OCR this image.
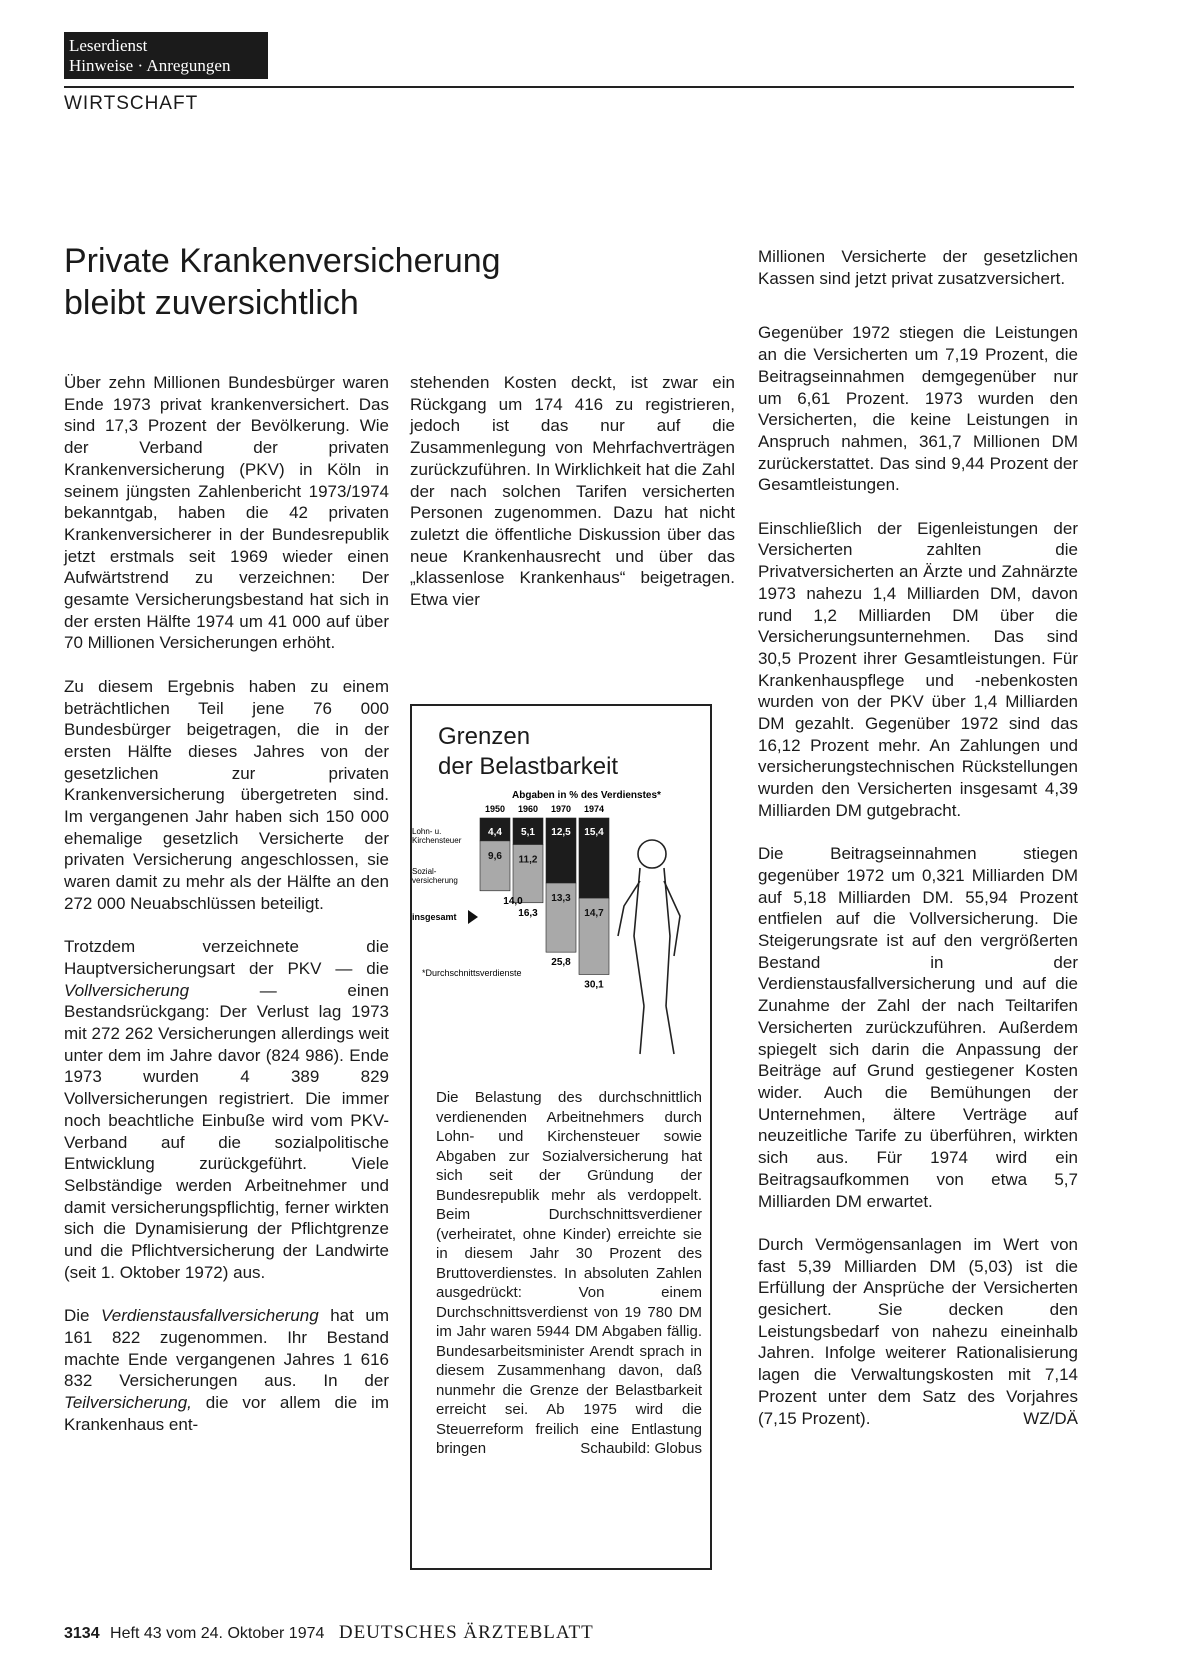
Leserdienst
Hinweise · Anregungen
WIRTSCHAFT
Private Krankenversicherung
bleibt zuversichtlich

Über zehn Millionen Bundesbürger waren Ende 1973 privat krankenversichert. Das sind 17,3 Prozent der Bevölkerung. Wie der Verband der privaten Krankenversicherung (PKV) in Köln in seinem jüngsten Zahlenbericht 1973/1974 bekanntgab, haben die 42 privaten Krankenversicherer in der Bundesrepublik jetzt erstmals seit 1969 wieder einen Aufwärtstrend zu verzeichnen: Der gesamte Versicherungsbestand hat sich in der ersten Hälfte 1974 um 41 000 auf über 70 Millionen Versicherungen erhöht.

Zu diesem Ergebnis haben zu einem beträchtlichen Teil jene 76 000 Bundesbürger beigetragen, die in der ersten Hälfte dieses Jahres von der gesetzlichen zur privaten Krankenversicherung übergetreten sind. Im vergangenen Jahr haben sich 150 000 ehemalige gesetzlich Versicherte der privaten Versicherung angeschlossen, sie waren damit zu mehr als der Hälfte an den 272 000 Neuabschlüssen beteiligt.

Trotzdem verzeichnete die Hauptversicherungsart der PKV — die Vollversicherung — einen Bestandsrückgang: Der Verlust lag 1973 mit 272 262 Versicherungen allerdings weit unter dem im Jahre davor (824 986). Ende 1973 wurden 4 389 829 Vollversicherungen registriert. Die immer noch beachtliche Einbuße wird vom PKV-Verband auf die sozialpolitische Entwicklung zurückgeführt. Viele Selbständige werden Arbeitnehmer und damit versicherungspflichtig, ferner wirkten sich die Dynamisierung der Pflichtgrenze und die Pflichtversicherung der Landwirte (seit 1. Oktober 1972) aus.

Die Verdienstausfallversicherung hat um 161 822 zugenommen. Ihr Bestand machte Ende vergangenen Jahres 1 616 832 Versicherungen aus. In der Teilversicherung, die vor allem die im Krankenhaus ent-

stehenden Kosten deckt, ist zwar ein Rückgang um 174 416 zu registrieren, jedoch ist das nur auf die Zusammenlegung von Mehrfachverträgen zurückzuführen. In Wirklichkeit hat die Zahl der nach solchen Tarifen versicherten Personen zugenommen. Dazu hat nicht zuletzt die öffentliche Diskussion über das neue Krankenhausrecht und über das „klassenlose Krankenhaus“ beigetragen. Etwa vier

Grenzen
der Belastbarkeit
Abgaben in % des Verdienstes*
1950 1960 1970 1974
Lohn- u.
Kirchensteuer
Sozial-
versicherung
insgesamt
4,4
9,6
5,1
11,2
12,5
13,3
15,4
14,7
14,0
16,3
25,8
30,1
*Durchschnittsverdienste
Die Belastung des durchschnittlich verdienenden Arbeitnehmers durch Lohn- und Kirchensteuer sowie Abgaben zur Sozialversicherung hat sich seit der Gründung der Bundesrepublik mehr als verdoppelt. Beim Durchschnittsverdiener (verheiratet, ohne Kinder) erreichte sie in diesem Jahr 30 Prozent des Bruttoverdienstes. In absoluten Zahlen ausgedrückt: Von einem Durchschnittsverdienst von 19 780 DM im Jahr waren 5944 DM Abgaben fällig. Bundesarbeitsminister Arendt sprach in diesem Zusammenhang davon, daß nunmehr die Grenze der Belastbarkeit erreicht sei. Ab 1975 wird die Steuerreform freilich eine Entlastung bringen	Schaubild: Globus

Millionen Versicherte der gesetzlichen Kassen sind jetzt privat zusatzversichert.

Gegenüber 1972 stiegen die Leistungen an die Versicherten um 7,19 Prozent, die Beitragseinnahmen demgegenüber nur um 6,61 Prozent. 1973 wurden den Versicherten, die keine Leistungen in Anspruch nahmen, 361,7 Millionen DM zurückerstattet. Das sind 9,44 Prozent der Gesamtleistungen.

Einschließlich der Eigenleistungen der Versicherten zahlten die Privatversicherten an Ärzte und Zahnärzte 1973 nahezu 1,4 Milliarden DM, davon rund 1,2 Milliarden DM über die Versicherungsunternehmen. Das sind 30,5 Prozent ihrer Gesamtleistungen. Für Krankenhauspflege und -nebenkosten wurden von der PKV über 1,4 Milliarden DM gezahlt. Gegenüber 1972 sind das 16,12 Prozent mehr. An Zahlungen und versicherungstechnischen Rückstellungen wurden den Versicherten insgesamt 4,39 Milliarden DM gutgebracht.

Die Beitragseinnahmen stiegen gegenüber 1972 um 0,321 Milliarden DM auf 5,18 Milliarden DM. 55,94 Prozent entfielen auf die Vollversicherung. Die Steigerungsrate ist auf den vergrößerten Bestand in der Verdienstausfallversicherung und auf die Zunahme der Zahl der nach Teiltarifen Versicherten zurückzuführen. Außerdem spiegelt sich darin die Anpassung der Beiträge auf Grund gestiegener Kosten wider. Auch die Bemühungen der Unternehmen, ältere Verträge auf neuzeitliche Tarife zu überführen, wirkten sich aus. Für 1974 wird ein Beitragsaufkommen von etwa 5,7 Milliarden DM erwartet.

Durch Vermögensanlagen im Wert von fast 5,39 Milliarden DM (5,03) ist die Erfüllung der Ansprüche der Versicherten gesichert. Sie decken den Leistungsbedarf von nahezu eineinhalb Jahren. Infolge weiterer Rationalisierung lagen die Verwaltungskosten mit 7,14 Prozent unter dem Satz des Vorjahres (7,15 Prozent).	WZ/DÄ

3134 Heft 43 vom 24. Oktober 1974 DEUTSCHES ÄRZTEBLATT
